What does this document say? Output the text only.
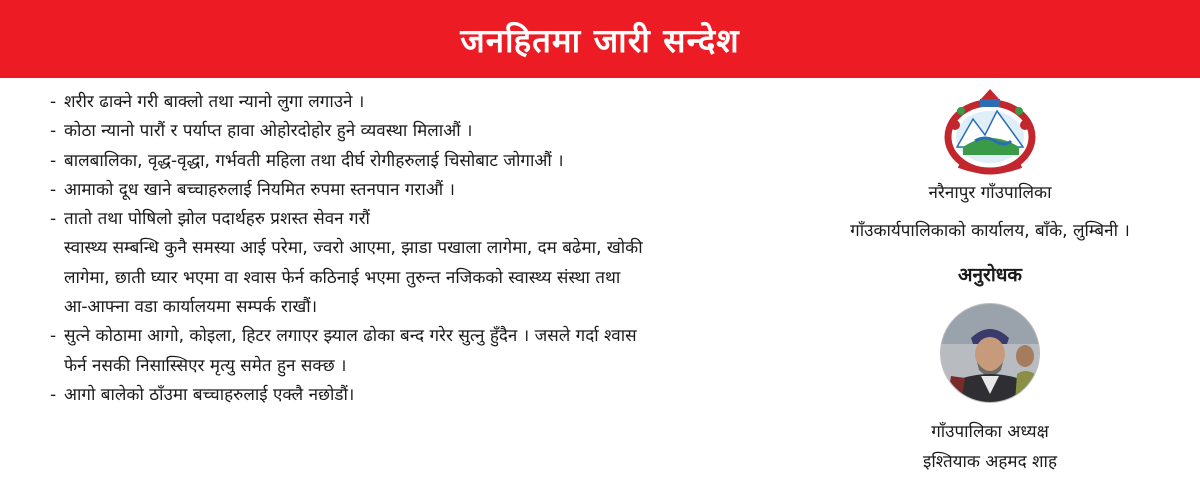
जनहितमा जारी सन्देश
- शरीर ढाक्ने गरी बाक्लो तथा न्यानो लुगा लगाउने ।
- कोठा न्यानो पारौं र पर्याप्त हावा ओहोरदोहोर हुने व्यवस्था मिलाऔं ।
- बालबालिका, वृद्ध-वृद्धा, गर्भवती महिला तथा दीर्घ रोगीहरुलाई चिसोबाट जोगाऔं ।
- आमाको दूध खाने बच्चाहरुलाई नियमित रुपमा स्तनपान गराऔं ।
- तातो तथा पोषिलो झोल पदार्थहरु प्रशस्त सेवन गरौं
स्वास्थ्य सम्बन्धि कुनै समस्या आई परेमा, ज्वरो आएमा, झाडा पखाला लागेमा, दम बढेमा, खोकी
लागेमा, छाती घ्यार भएमा वा श्वास फेर्न कठिनाई भएमा तुरुन्त नजिकको स्वास्थ्य संस्था तथा
आ-आफ्ना वडा कार्यालयमा सम्पर्क राखौं।
- सुत्ने कोठामा आगो, कोइला, हिटर लगाएर झ्याल ढोका बन्द गरेर सुत्नु हुँदैन । जसले गर्दा श्वास
फेर्न नसकी निसास्सिएर मृत्यु समेत हुन सक्छ ।
- आगो बालेको ठाँउमा बच्चाहरुलाई एक्लै नछोडौं।
नरैनापुर गाँउपालिका
गाँउकार्यपालिकाको कार्यालय, बाँके, लुम्बिनी ।
अनुरोधक
गाँउपालिका अध्यक्ष
इश्तियाक अहमद शाह
